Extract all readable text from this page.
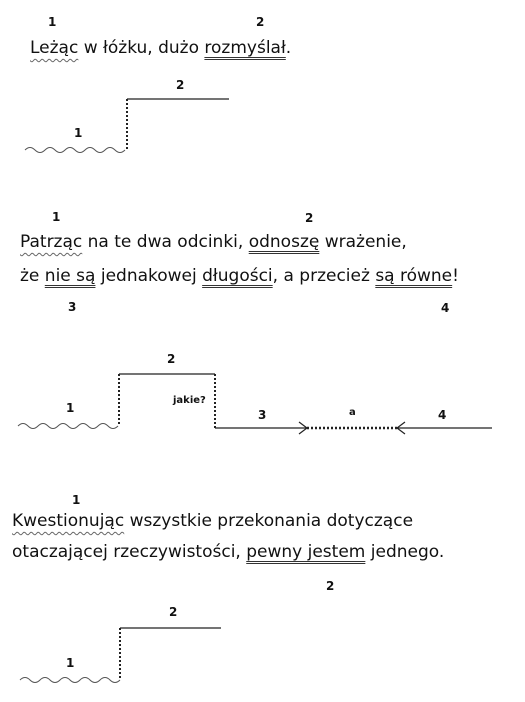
1	2
Leżąc w łóżku, dużo rozmyślał.
1
2
1	2
Patrząc na te dwa odcinki, odnoszę wrażenie,
że nie są jednakowej długości, a przecież są równe!
3	4
1
2
3	4
jakie?
a
1
Kwestionując wszystkie przekonania dotyczące
otaczającej rzeczywistości, pewny jestem jednego.
2
1
2
